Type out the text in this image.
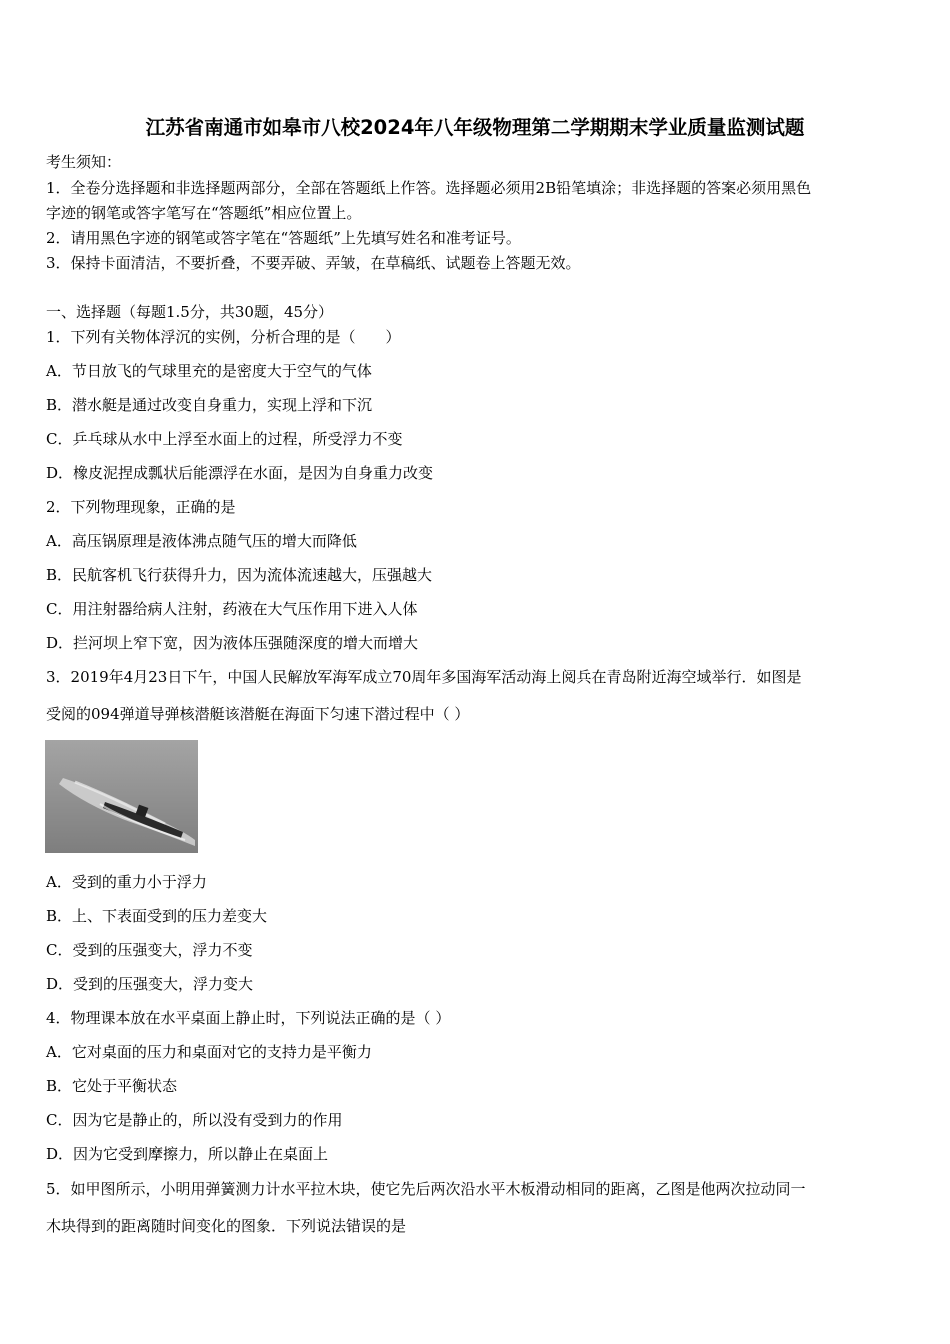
江苏省南通市如皋市八校2024年八年级物理第二学期期末学业质量监测试题
考生须知：
1．全卷分选择题和非选择题两部分，全部在答题纸上作答。选择题必须用2B铅笔填涂；非选择题的答案必须用黑色
字迹的钢笔或答字笔写在“答题纸”相应位置上。
2．请用黑色字迹的钢笔或答字笔在“答题纸”上先填写姓名和准考证号。
3．保持卡面清洁，不要折叠，不要弄破、弄皱，在草稿纸、试题卷上答题无效。
一、选择题（每题1.5分，共30题，45分）
1．下列有关物体浮沉的实例，分析合理的是（　　）
A．节日放飞的气球里充的是密度大于空气的气体
B．潜水艇是通过改变自身重力，实现上浮和下沉
C．乒乓球从水中上浮至水面上的过程，所受浮力不变
D．橡皮泥捏成瓢状后能漂浮在水面，是因为自身重力改变
2．下列物理现象，正确的是
A．高压锅原理是液体沸点随气压的增大而降低
B．民航客机飞行获得升力，因为流体流速越大，压强越大
C．用注射器给病人注射，药液在大气压作用下进入人体
D．拦河坝上窄下宽，因为液体压强随深度的增大而增大
3．2019年4月23日下午，中国人民解放军海军成立70周年多国海军活动海上阅兵在青岛附近海空域举行．如图是
受阅的094弹道导弹核潜艇该潜艇在海面下匀速下潜过程中（ ）
A．受到的重力小于浮力
B．上、下表面受到的压力差变大
C．受到的压强变大，浮力不变
D．受到的压强变大，浮力变大
4．物理课本放在水平桌面上静止时，下列说法正确的是（ ）
A．它对桌面的压力和桌面对它的支持力是平衡力
B．它处于平衡状态
C．因为它是静止的，所以没有受到力的作用
D．因为它受到摩擦力，所以静止在桌面上
5．如甲图所示，小明用弹簧测力计水平拉木块，使它先后两次沿水平木板滑动相同的距离，乙图是他两次拉动同一
木块得到的距离随时间变化的图象．下列说法错误的是
